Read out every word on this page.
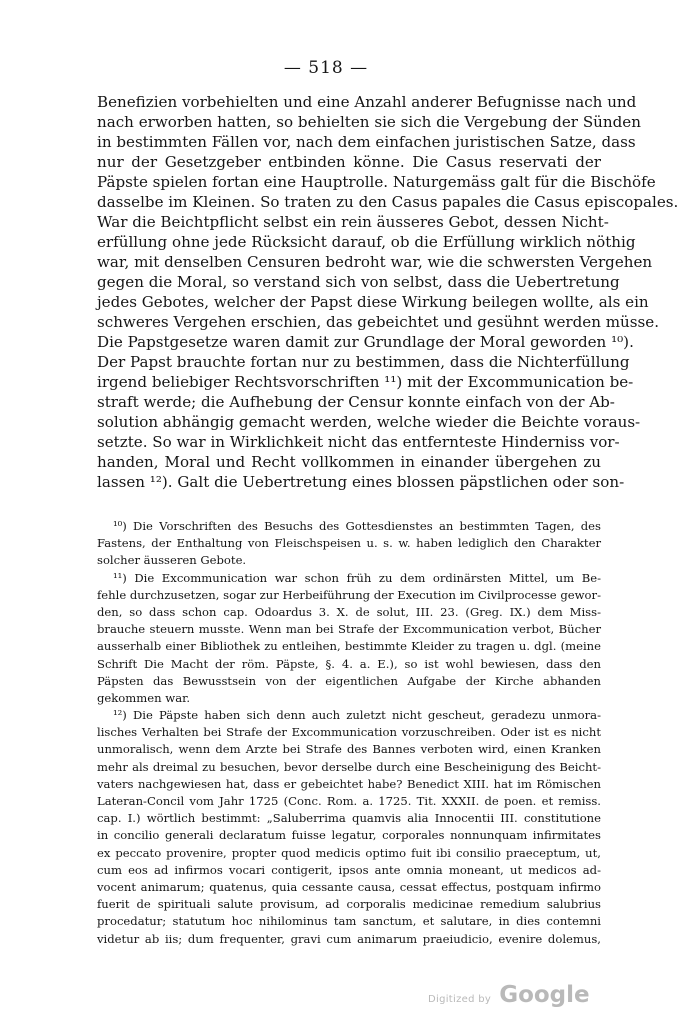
— 518 —
Benefizien vorbehielten und eine Anzahl anderer Befugnisse nach und
nach erworben hatten, so behielten sie sich die Vergebung der Sünden
in bestimmten Fällen vor, nach dem einfachen juristischen Satze, dass
nur der Gesetzgeber entbinden könne. Die Casus reservati der
Päpste spielen fortan eine Hauptrolle. Naturgemäss galt für die Bischöfe
dasselbe im Kleinen. So traten zu den Casus papales die Casus episcopales.
War die Beichtpflicht selbst ein rein äusseres Gebot, dessen Nicht-
erfüllung ohne jede Rücksicht darauf, ob die Erfüllung wirklich nöthig
war, mit denselben Censuren bedroht war, wie die schwersten Vergehen
gegen die Moral, so verstand sich von selbst, dass die Uebertretung
jedes Gebotes, welcher der Papst diese Wirkung beilegen wollte, als ein
schweres Vergehen erschien, das gebeichtet und gesühnt werden müsse.
Die Papstgesetze waren damit zur Grundlage der Moral geworden ¹⁰).
Der Papst brauchte fortan nur zu bestimmen, dass die Nichterfüllung
irgend beliebiger Rechtsvorschriften ¹¹) mit der Excommunication be-
straft werde; die Aufhebung der Censur konnte einfach von der Ab-
solution abhängig gemacht werden, welche wieder die Beichte voraus-
setzte. So war in Wirklichkeit nicht das entfernteste Hinderniss vor-
handen, Moral und Recht vollkommen in einander übergehen zu
lassen ¹²). Galt die Uebertretung eines blossen päpstlichen oder son-
¹⁰) Die Vorschriften des Besuchs des Gottesdienstes an bestimmten Tagen, des
Fastens, der Enthaltung von Fleischspeisen u. s. w. haben lediglich den Charakter
solcher äusseren Gebote.
¹¹) Die Excommunication war schon früh zu dem ordinärsten Mittel, um Be-
fehle durchzusetzen, sogar zur Herbeiführung der Execution im Civilprocesse gewor-
den, so dass schon cap. Odoardus 3. X. de solut, III. 23. (Greg. IX.) dem Miss-
brauche steuern musste. Wenn man bei Strafe der Excommunication verbot, Bücher
ausserhalb einer Bibliothek zu entleihen, bestimmte Kleider zu tragen u. dgl. (meine
Schrift Die Macht der röm. Päpste, §. 4. a. E.), so ist wohl bewiesen, dass den
Päpsten das Bewusstsein von der eigentlichen Aufgabe der Kirche abhanden
gekommen war.
¹²) Die Päpste haben sich denn auch zuletzt nicht gescheut, geradezu unmora-
lisches Verhalten bei Strafe der Excommunication vorzuschreiben. Oder ist es nicht
unmoralisch, wenn dem Arzte bei Strafe des Bannes verboten wird, einen Kranken
mehr als dreimal zu besuchen, bevor derselbe durch eine Bescheinigung des Beicht-
vaters nachgewiesen hat, dass er gebeichtet habe? Benedict XIII. hat im Römischen
Lateran-Concil vom Jahr 1725 (Conc. Rom. a. 1725. Tit. XXXII. de poen. et remiss.
cap. I.) wörtlich bestimmt: „Saluberrima quamvis alia Innocentii III. constitutione
in concilio generali declaratum fuisse legatur, corporales nonnunquam infirmitates
ex peccato provenire, propter quod medicis optimo fuit ibi consilio praeceptum, ut,
cum eos ad infirmos vocari contigerit, ipsos ante omnia moneant, ut medicos ad-
vocent animarum; quatenus, quia cessante causa, cessat effectus, postquam infirmo
fuerit de spirituali salute provisum, ad corporalis medicinae remedium salubrius
procedatur; statutum hoc nihilominus tam sanctum, et salutare, in dies contemni
videtur ab iis; dum frequenter, gravi cum animarum praeiudicio, evenire dolemus,
Digitized by Google
